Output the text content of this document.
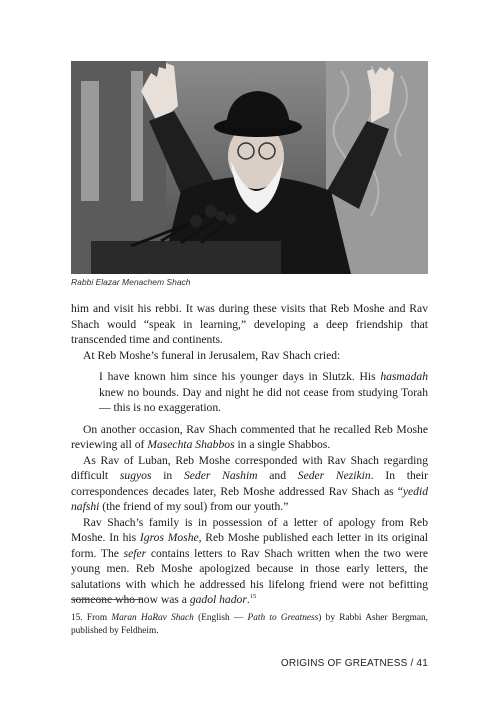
Rabbi Elazar Menachem Shach

him and visit his rebbi. It was during these visits that Reb Moshe and Rav Shach would “speak in learning,” developing a deep friendship that transcended time and continents.

At Reb Moshe’s funeral in Jerusalem, Rav Shach cried:

I have known him since his younger days in Slutzk. His hasmadah knew no bounds. Day and night he did not cease from studying Torah — this is no exaggeration.

On another occasion, Rav Shach commented that he recalled Reb Moshe reviewing all of Masechta Shabbos in a single Shabbos.

As Rav of Luban, Reb Moshe corresponded with Rav Shach regarding difficult sugyos in Seder Nashim and Seder Nezikin. In their correspondences decades later, Reb Moshe addressed Rav Shach as “yedid nafshi (the friend of my soul) from our youth.”

Rav Shach’s family is in possession of a letter of apology from Reb Moshe. In his Igros Moshe, Reb Moshe published each letter in its original form. The sefer contains letters to Rav Shach written when the two were young men. Reb Moshe apologized because in those early letters, the salutations with which he addressed his lifelong friend were not befitting someone who now was a gadol hador.$^{15}$

15. From Maran HaRav Shach (English — Path to Greatness) by Rabbi Asher Bergman, published by Feldheim.
ORIGINS OF GREATNESS / 41
